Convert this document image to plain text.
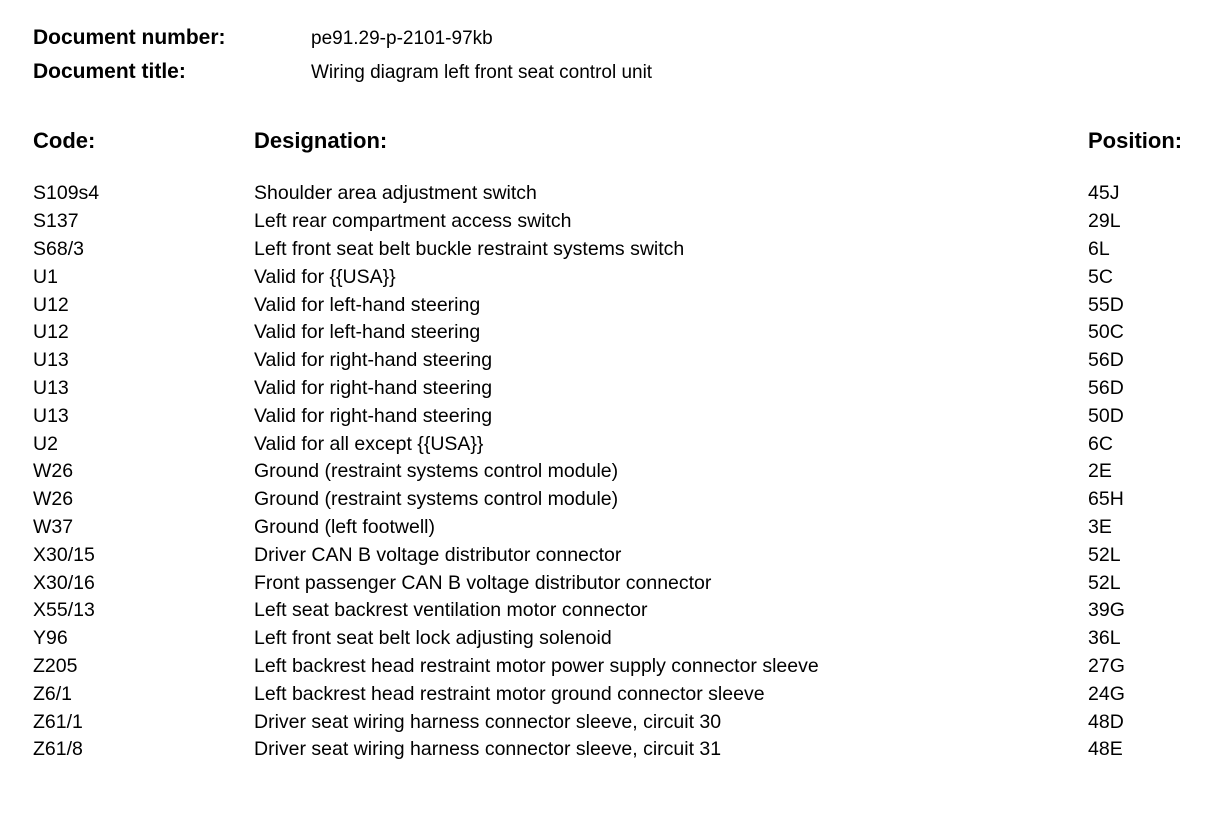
Document number:	pe91.29-p-2101-97kb
Document title:	Wiring diagram left front seat control unit
Code:	Designation:	Position:
S109s4	Shoulder area adjustment switch	45J
S137	Left rear compartment access switch	29L
S68/3	Left front seat belt buckle restraint systems switch	6L
U1	Valid for {{USA}}	5C
U12	Valid for left-hand steering	55D
U12	Valid for left-hand steering	50C
U13	Valid for right-hand steering	56D
U13	Valid for right-hand steering	56D
U13	Valid for right-hand steering	50D
U2	Valid for all except {{USA}}	6C
W26	Ground (restraint systems control module)	2E
W26	Ground (restraint systems control module)	65H
W37	Ground (left footwell)	3E
X30/15	Driver CAN B voltage distributor connector	52L
X30/16	Front passenger CAN B voltage distributor connector	52L
X55/13	Left seat backrest ventilation motor connector	39G
Y96	Left front seat belt lock adjusting solenoid	36L
Z205	Left backrest head restraint motor power supply connector sleeve	27G
Z6/1	Left backrest head restraint motor ground connector sleeve	24G
Z61/1	Driver seat wiring harness connector sleeve, circuit 30	48D
Z61/8	Driver seat wiring harness connector sleeve, circuit 31	48E
